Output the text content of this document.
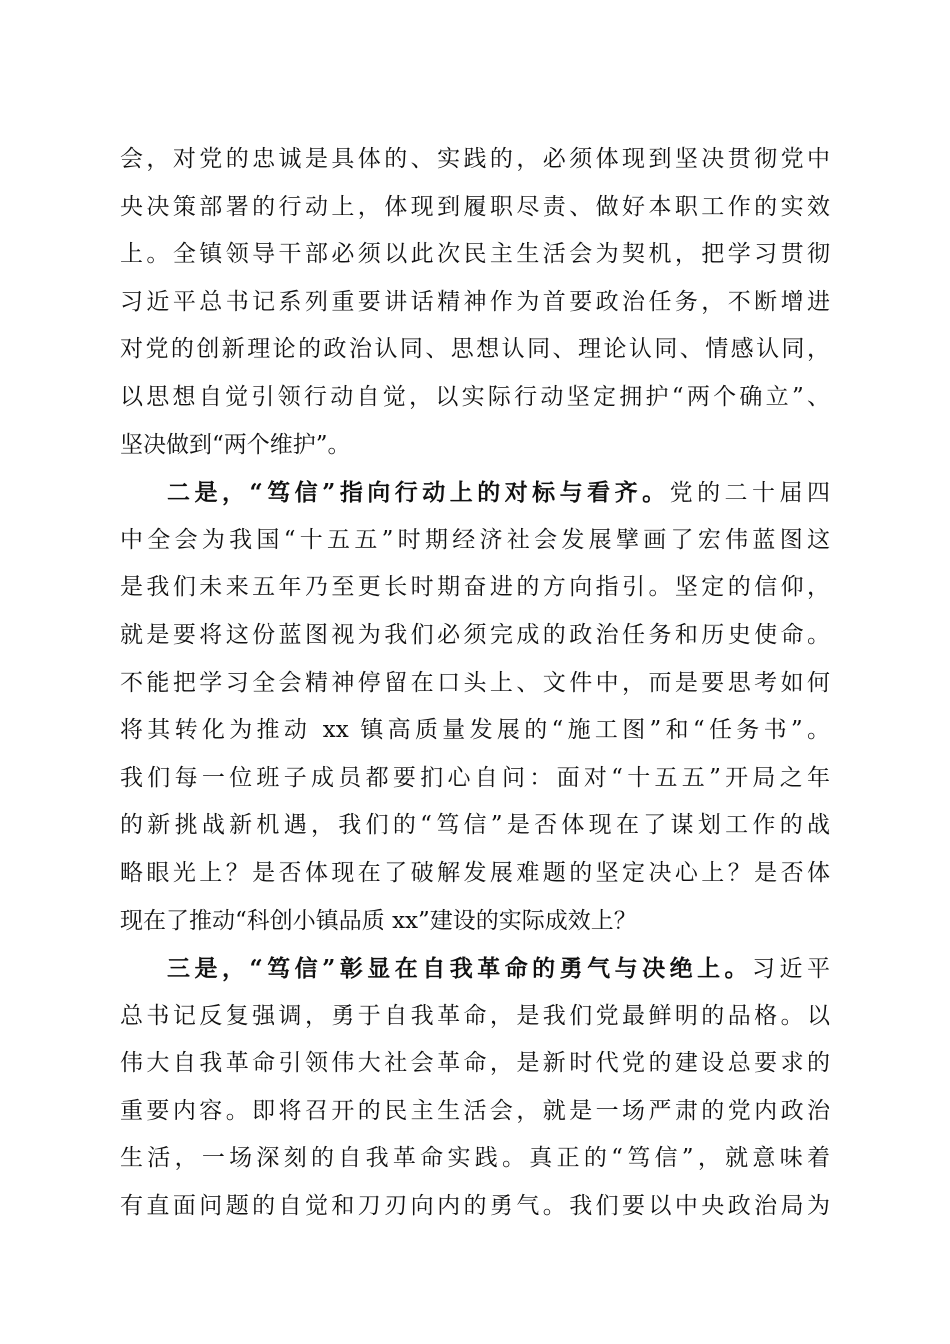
会，对党的忠诚是具体的、实践的，必须体现到坚决贯彻党中
央决策部署的行动上，体现到履职尽责、做好本职工作的实效
上。全镇领导干部必须以此次民主生活会为契机，把学习贯彻
习近平总书记系列重要讲话精神作为首要政治任务，不断增进
对党的创新理论的政治认同、思想认同、理论认同、情感认同，
以思想自觉引领行动自觉，以实际行动坚定拥护“两个确立”、
坚决做到“两个维护”。
二是，“笃信”指向行动上的对标与看齐。党的二十届四
中全会为我国“十五五”时期经济社会发展擘画了宏伟蓝图这
是我们未来五年乃至更长时期奋进的方向指引。坚定的信仰，
就是要将这份蓝图视为我们必须完成的政治任务和历史使命。
不能把学习全会精神停留在口头上、文件中，而是要思考如何
将其转化为推动 xx 镇高质量发展的“施工图”和“任务书”。
我们每一位班子成员都要扪心自问：面对“十五五”开局之年
的新挑战新机遇，我们的“笃信”是否体现在了谋划工作的战
略眼光上？是否体现在了破解发展难题的坚定决心上？是否体
现在了推动“科创小镇品质 xx”建设的实际成效上？
三是，“笃信”彰显在自我革命的勇气与决绝上。习近平
总书记反复强调，勇于自我革命，是我们党最鲜明的品格。以
伟大自我革命引领伟大社会革命，是新时代党的建设总要求的
重要内容。即将召开的民主生活会，就是一场严肃的党内政治
生活，一场深刻的自我革命实践。真正的“笃信”，就意味着
有直面问题的自觉和刀刃向内的勇气。我们要以中央政治局为
